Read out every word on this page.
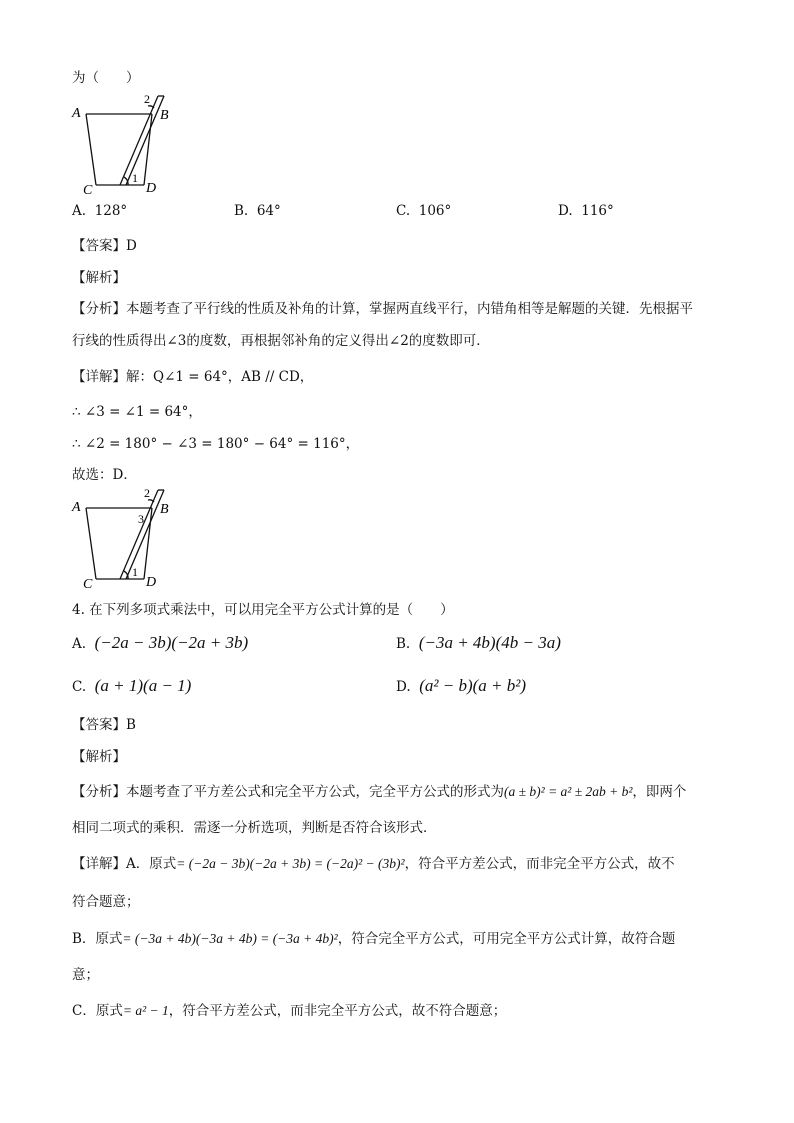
为（　　）
A	B
C	D
1
2
A. 128°	B. 64°	C. 106°	D. 116°
【答案】D
【解析】
【分析】本题考查了平行线的性质及补角的计算，掌握两直线平行，内错角相等是解题的关键．先根据平
行线的性质得出∠3的度数，再根据邻补角的定义得出∠2的度数即可．
【详解】解：Q∠1 = 64°，AB // CD，
∴ ∠3 = ∠1 = 64°，
∴ ∠2 = 180° − ∠3 = 180° − 64° = 116°，
故选：D．
A	B
C	D
1
2
3
4. 在下列多项式乘法中，可以用完全平方公式计算的是（　　）
A. (−2a − 3b)(−2a + 3b)	B. (−3a + 4b)(4b − 3a)
C. (a + 1)(a − 1)	D. (a² − b)(a + b²)
【答案】B
【解析】
【分析】本题考查了平方差公式和完全平方公式，完全平方公式的形式为(a ± b)² = a² ± 2ab + b²，即两个
相同二项式的乘积．需逐一分析选项，判断是否符合该形式．
【详解】A．原式= (−2a − 3b)(−2a + 3b) = (−2a)² − (3b)²，符合平方差公式，而非完全平方公式，故不
符合题意；
B．原式= (−3a + 4b)(−3a + 4b) = (−3a + 4b)²，符合完全平方公式，可用完全平方公式计算，故符合题
意；
C．原式= a² − 1，符合平方差公式，而非完全平方公式，故不符合题意；
